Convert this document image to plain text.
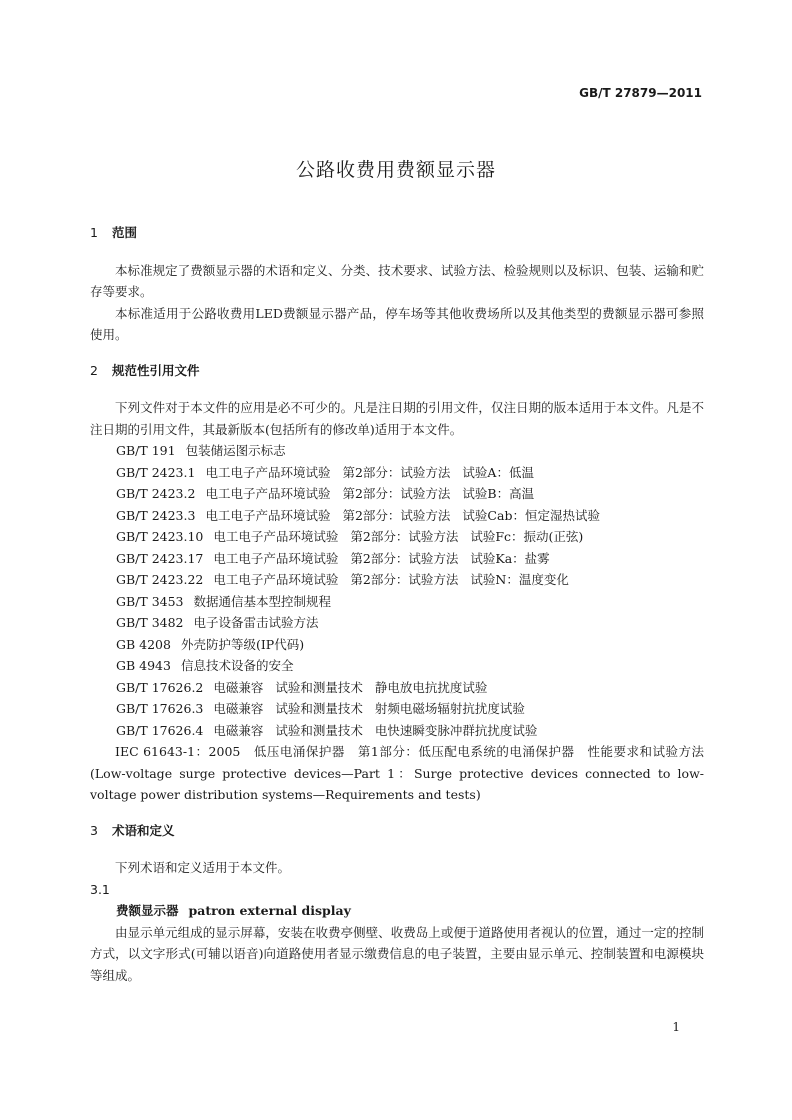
GB/T 27879—2011
公路收费用费额显示器

1 范围

本标准规定了费额显示器的术语和定义、分类、技术要求、试验方法、检验规则以及标识、包装、运输和贮存等要求。

本标准适用于公路收费用LED费额显示器产品，停车场等其他收费场所以及其他类型的费额显示器可参照使用。

2 规范性引用文件

下列文件对于本文件的应用是必不可少的。凡是注日期的引用文件，仅注日期的版本适用于本文件。凡是不注日期的引用文件，其最新版本(包括所有的修改单)适用于本文件。

GB/T 191 包装储运图示标志

GB/T 2423.1 电工电子产品环境试验 第2部分：试验方法 试验A：低温

GB/T 2423.2 电工电子产品环境试验 第2部分：试验方法 试验B：高温

GB/T 2423.3 电工电子产品环境试验 第2部分：试验方法 试验Cab：恒定湿热试验

GB/T 2423.10 电工电子产品环境试验 第2部分：试验方法 试验Fc：振动(正弦)

GB/T 2423.17 电工电子产品环境试验 第2部分：试验方法 试验Ka：盐雾

GB/T 2423.22 电工电子产品环境试验 第2部分：试验方法 试验N：温度变化

GB/T 3453 数据通信基本型控制规程

GB/T 3482 电子设备雷击试验方法

GB 4208 外壳防护等级(IP代码)

GB 4943 信息技术设备的安全

GB/T 17626.2 电磁兼容 试验和测量技术 静电放电抗扰度试验

GB/T 17626.3 电磁兼容 试验和测量技术 射频电磁场辐射抗扰度试验

GB/T 17626.4 电磁兼容 试验和测量技术 电快速瞬变脉冲群抗扰度试验

IEC 61643-1：2005　低压电涌保护器　第1部分：低压配电系统的电涌保护器　性能要求和试验方法(Low-voltage surge protective devices—Part 1：Surge protective devices connected to low-voltage power distribution systems—Requirements and tests)

3 术语和定义

下列术语和定义适用于本文件。

3.1

费额显示器 patron external display

由显示单元组成的显示屏幕，安装在收费亭侧壁、收费岛上或便于道路使用者视认的位置，通过一定的控制方式，以文字形式(可辅以语音)向道路使用者显示缴费信息的电子装置，主要由显示单元、控制装置和电源模块等组成。

1
